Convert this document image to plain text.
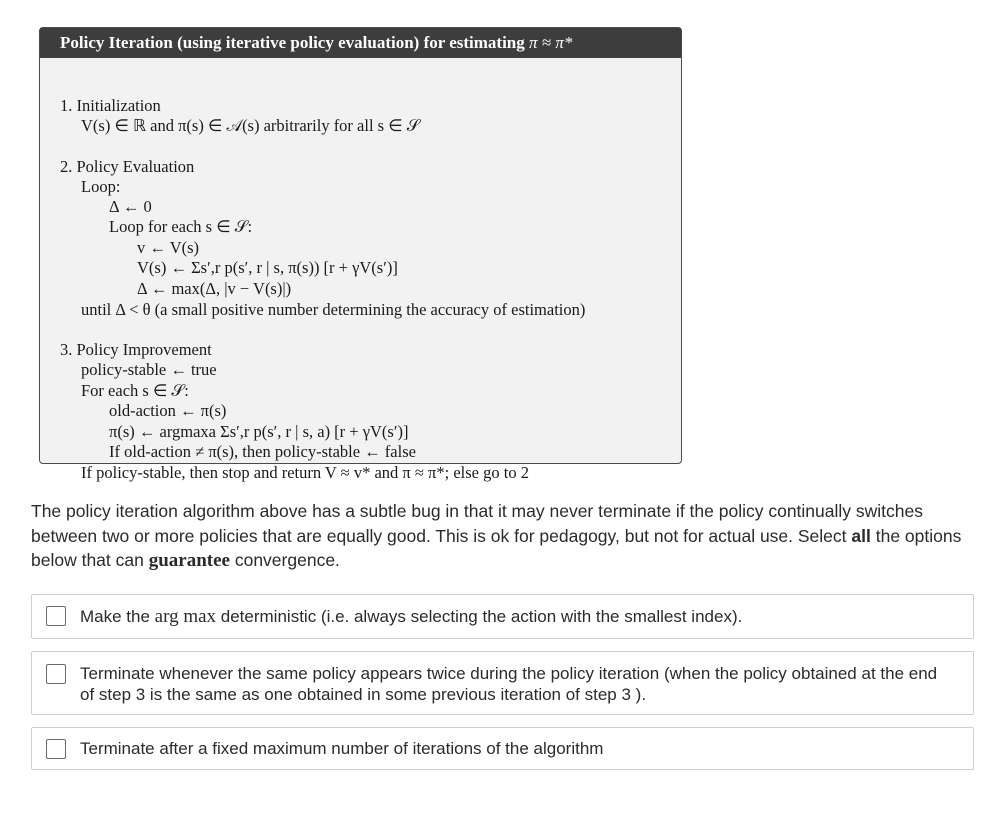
Policy Iteration (using iterative policy evaluation) for estimating π ≈ π*
1. Initialization
V(s) ∈ ℝ and π(s) ∈ 𝒜(s) arbitrarily for all s ∈ 𝒮
2. Policy Evaluation
Loop:
Δ ← 0
Loop for each s ∈ 𝒮:
v ← V(s)
V(s) ← Σs′,r p(s′, r | s, π(s)) [r + γV(s′)]
Δ ← max(Δ, |v − V(s)|)
until Δ < θ (a small positive number determining the accuracy of estimation)
3. Policy Improvement
policy-stable ← true
For each s ∈ 𝒮:
old-action ← π(s)
π(s) ← argmaxa Σs′,r p(s′, r | s, a) [r + γV(s′)]
If old-action ≠ π(s), then policy-stable ← false
If policy-stable, then stop and return V ≈ v* and π ≈ π*; else go to 2
The policy iteration algorithm above has a subtle bug in that it may never terminate if the policy continually switches between two or more policies that are equally good. This is ok for pedagogy, but not for actual use. Select all the options below that can guarantee convergence.
Make the arg max deterministic (i.e. always selecting the action with the smallest index).
Terminate whenever the same policy appears twice during the policy iteration (when the policy obtained at the end of step 3 is the same as one obtained in some previous iteration of step 3 ).
Terminate after a fixed maximum number of iterations of the algorithm
